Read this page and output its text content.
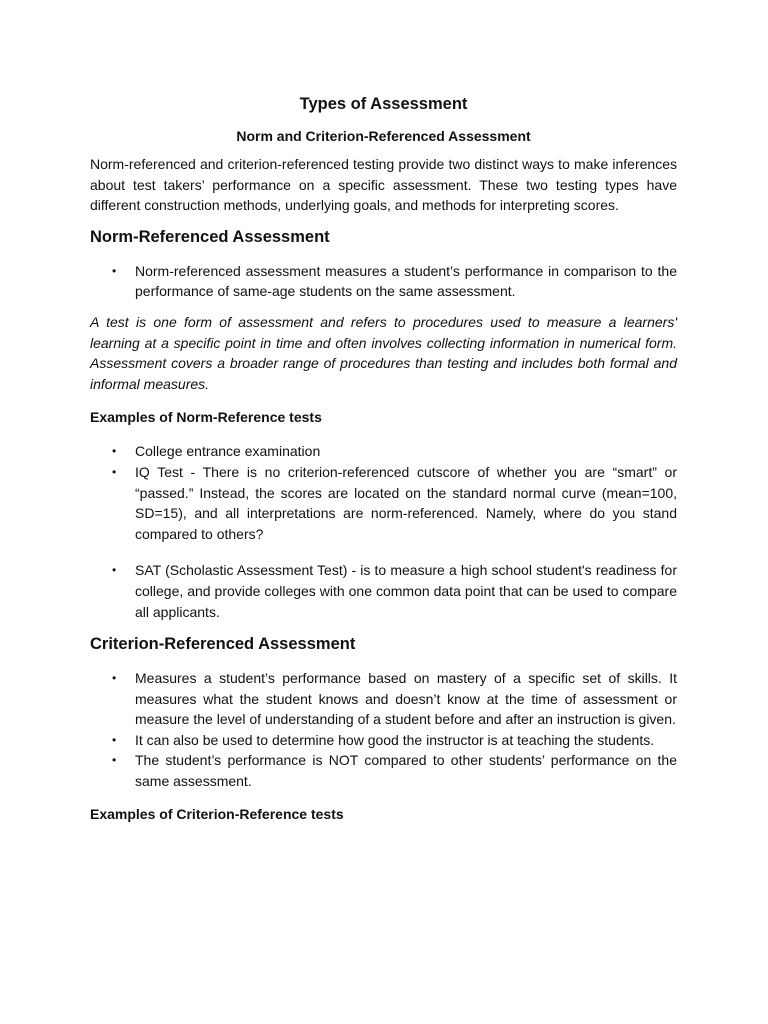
Types of Assessment
Norm and Criterion-Referenced Assessment

Norm-referenced and criterion-referenced testing provide two distinct ways to make inferences about test takers’ performance on a specific assessment. These two testing types have different construction methods, underlying goals, and methods for interpreting scores.

Norm-Referenced Assessment
• Norm-referenced assessment measures a student’s performance in comparison to the performance of same-age students on the same assessment.

A test is one form of assessment and refers to procedures used to measure a learners' learning at a specific point in time and often involves collecting information in numerical form. Assessment covers a broader range of procedures than testing and includes both formal and informal measures.

Examples of Norm-Reference tests
• College entrance examination
• IQ Test - There is no criterion-referenced cutscore of whether you are “smart” or “passed.” Instead, the scores are located on the standard normal curve (mean=100, SD=15), and all interpretations are norm-referenced. Namely, where do you stand compared to others?
• SAT (Scholastic Assessment Test) - is to measure a high school student's readiness for college, and provide colleges with one common data point that can be used to compare all applicants.
Criterion-Referenced Assessment
• Measures a student’s performance based on mastery of a specific set of skills. It measures what the student knows and doesn’t know at the time of assessment or measure the level of understanding of a student before and after an instruction is given.
• It can also be used to determine how good the instructor is at teaching the students.
• The student’s performance is NOT compared to other students’ performance on the same assessment.
Examples of Criterion-Reference tests
